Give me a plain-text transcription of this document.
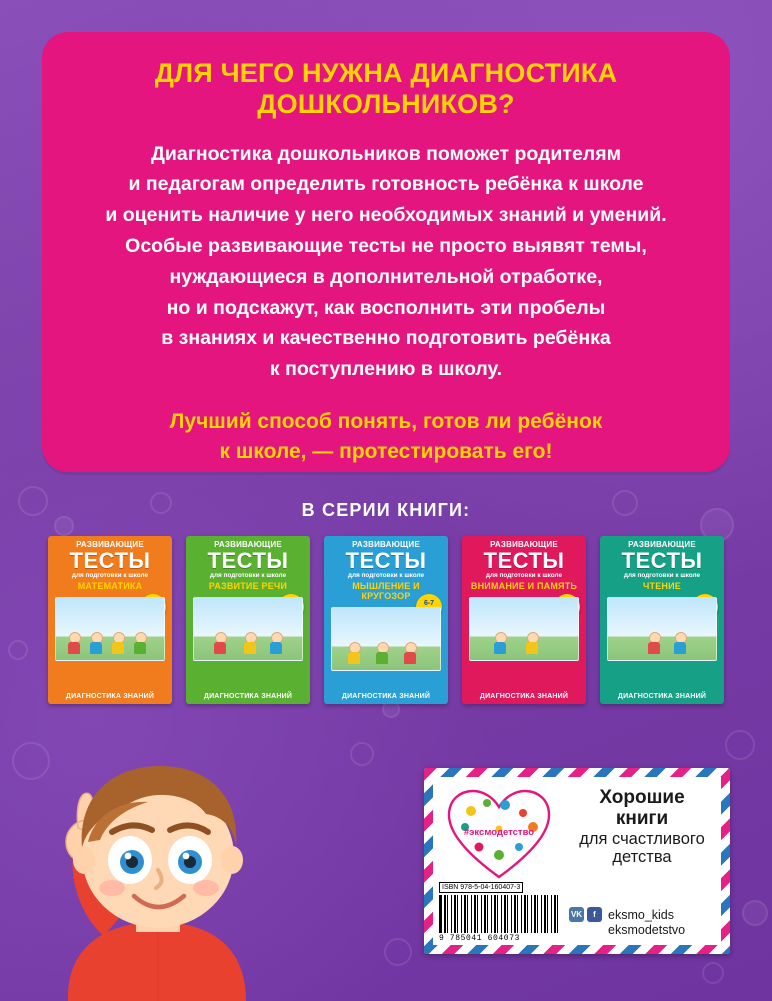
ДЛЯ ЧЕГО НУЖНА ДИАГНОСТИКА ДОШКОЛЬНИКОВ?
Диагностика дошкольников поможет родителям
и педагогам определить готовность ребёнка к школе
и оценить наличие у него необходимых знаний и умений.
Особые развивающие тесты не просто выявят темы,
нуждающиеся в дополнительной отработке,
но и подскажут, как восполнить эти пробелы
в знаниях и качественно подготовить ребёнка
к поступлению в школу.
Лучший способ понять, готов ли ребёнок
к школе, — протестировать его!
В СЕРИИ КНИГИ:
РАЗВИВАЮЩИЕ
ТЕСТЫ
для подготовки к школе
МАТЕМАТИКА
ДИАГНОСТИКА ЗНАНИЙ
РАЗВИВАЮЩИЕ
ТЕСТЫ
для подготовки к школе
РАЗВИТИЕ РЕЧИ
ДИАГНОСТИКА ЗНАНИЙ
РАЗВИВАЮЩИЕ
ТЕСТЫ
для подготовки к школе
МЫШЛЕНИЕ И КРУГОЗОР
6-7
ДИАГНОСТИКА ЗНАНИЙ
РАЗВИВАЮЩИЕ
ТЕСТЫ
для подготовки к школе
ВНИМАНИЕ И ПАМЯТЬ
ДИАГНОСТИКА ЗНАНИЙ
РАЗВИВАЮЩИЕ
ТЕСТЫ
для подготовки к школе
ЧТЕНИЕ
ДИАГНОСТИКА ЗНАНИЙ
#эксмодетство
ISBN 978-5-04-160407-3
9 785041 604073
Хорошие
книги
для счастливого
детства
VK	f eksmo_kids
eksmodetstvo
